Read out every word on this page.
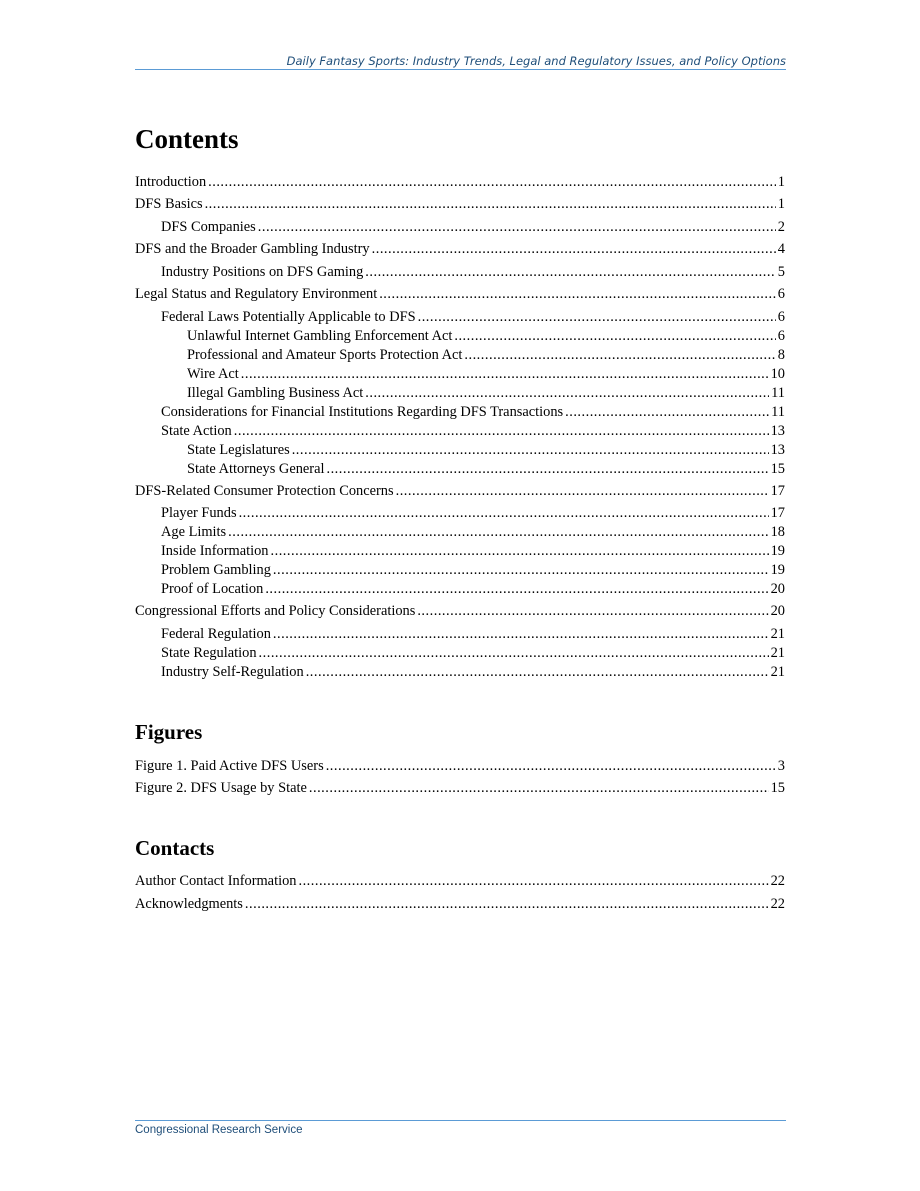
Daily Fantasy Sports: Industry Trends, Legal and Regulatory Issues, and Policy Options
Contents
Introduction .....	1
DFS Basics .....	1
DFS Companies .....	2
DFS and the Broader Gambling Industry .....	4
Industry Positions on DFS Gaming .....	5
Legal Status and Regulatory Environment .....	6
Federal Laws Potentially Applicable to DFS .....	6
Unlawful Internet Gambling Enforcement Act .....	6
Professional and Amateur Sports Protection Act .....	8
Wire Act .....	10
Illegal Gambling Business Act .....	11
Considerations for Financial Institutions Regarding DFS Transactions .....	11
State Action .....	13
State Legislatures .....	13
State Attorneys General .....	15
DFS-Related Consumer Protection Concerns .....	17
Player Funds .....	17
Age Limits .....	18
Inside Information .....	19
Problem Gambling .....	19
Proof of Location .....	20
Congressional Efforts and Policy Considerations .....	20
Federal Regulation .....	21
State Regulation .....	21
Industry Self-Regulation .....	21
Figures
Figure 1. Paid Active DFS Users .....	3
Figure 2. DFS Usage by State .....	15
Contacts
Author Contact Information .....	22
Acknowledgments .....	22
Congressional Research Service
